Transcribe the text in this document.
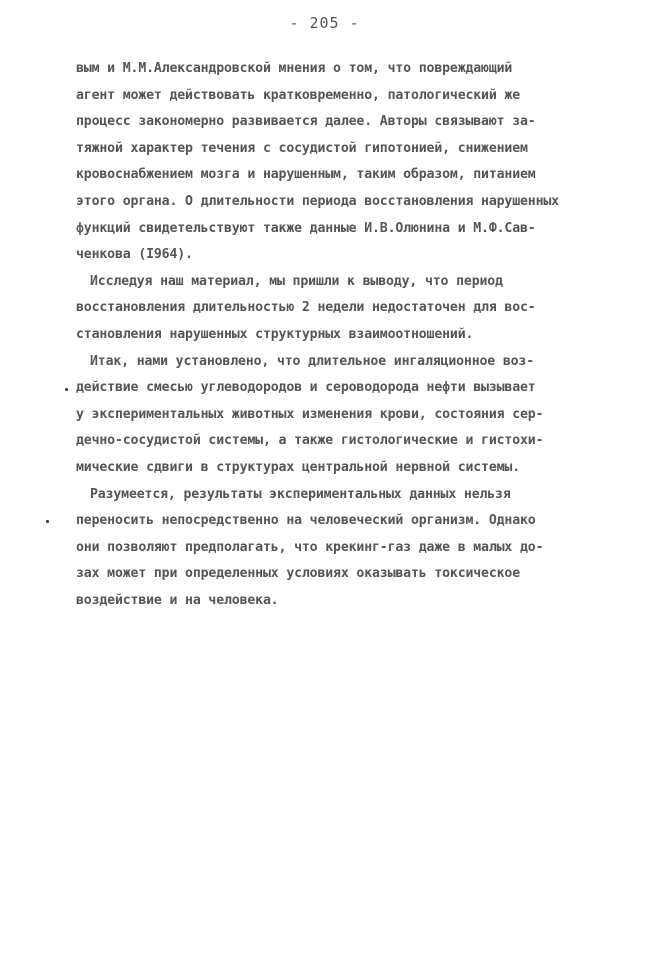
- 205 -
вым и М.М.Александровской мнения о том, что повреждающий
агент может действовать кратковременно, патологический же
процесс закономерно развивается далее. Авторы связывают за-
тяжной характер течения с сосудистой гипотонией, снижением
кровоснабжением мозга и нарушенным, таким образом, питанием
этого органа. О длительности периода восстановления нарушенных
функций свидетельствуют также данные И.В.Олюнина и М.Ф.Сав-
ченкова (I964).
Исследуя наш материал, мы пришли к выводу, что период
восстановления длительностью 2 недели недостаточен для вос-
становления нарушенных структурных взаимоотношений.
Итак, нами установлено, что длительное ингаляционное воз-
действие смесью углеводородов и сероводорода нефти вызывает
у экспериментальных животных изменения крови, состояния сер-
дечно-сосудистой системы, а также гистологические и гистохи-
мические сдвиги в структурах центральной нервной системы.
Разумеется, результаты экспериментальных данных нельзя
переносить непосредственно на человеческий организм. Однако
они позволяют предполагать, что крекинг-газ даже в малых до-
зах может при определенных условиях оказывать токсическое
воздействие и на человека.
